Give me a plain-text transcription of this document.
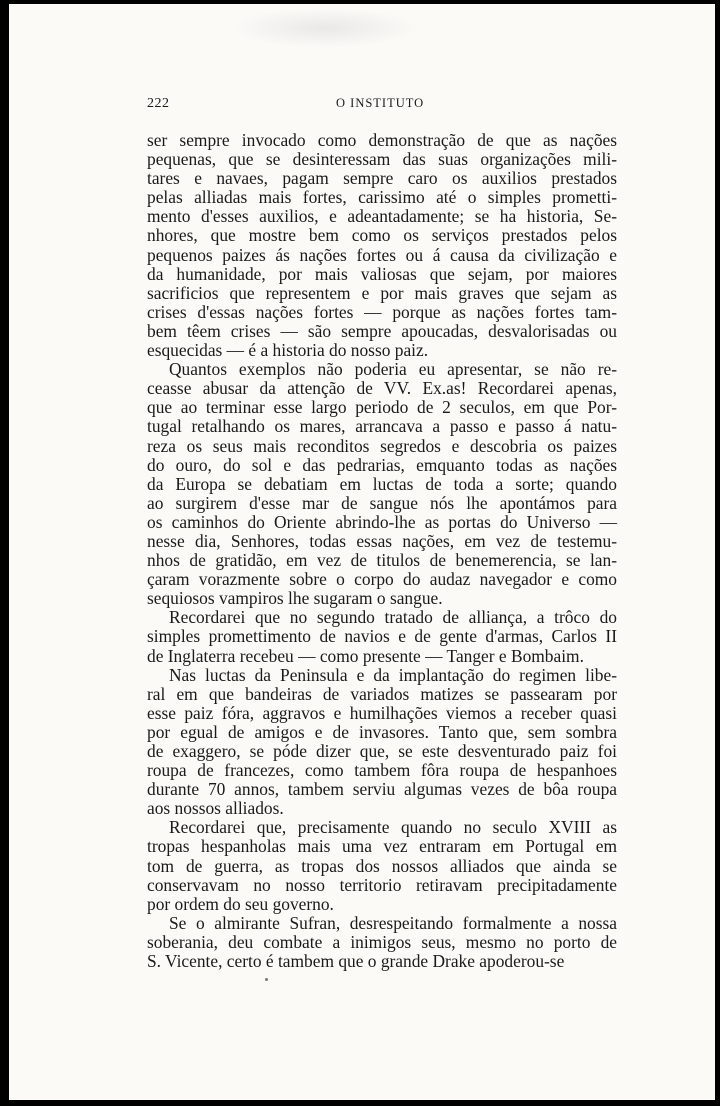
222	O INSTITUTO

ser sempre invocado como demonstração de que as nações
pequenas, que se desinteressam das suas organizações mili-
tares e navaes, pagam sempre caro os auxilios prestados
pelas alliadas mais fortes, carissimo até o simples prometti-
mento d'esses auxilios, e adeantadamente; se ha historia, Se-
nhores, que mostre bem como os serviços prestados pelos
pequenos paizes ás nações fortes ou á causa da civilização e
da humanidade, por mais valiosas que sejam, por maiores
sacrificios que representem e por mais graves que sejam as
crises d'essas nações fortes — porque as nações fortes tam-
bem têem crises — são sempre apoucadas, desvalorisadas ou
esquecidas — é a historia do nosso paiz.

Quantos exemplos não poderia eu apresentar, se não re-
ceasse abusar da attenção de VV. Ex.as! Recordarei apenas,
que ao terminar esse largo periodo de 2 seculos, em que Por-
tugal retalhando os mares, arrancava a passo e passo á natu-
reza os seus mais reconditos segredos e descobria os paizes
do ouro, do sol e das pedrarias, emquanto todas as nações
da Europa se debatiam em luctas de toda a sorte; quando
ao surgirem d'esse mar de sangue nós lhe apontámos para
os caminhos do Oriente abrindo-lhe as portas do Universo —
nesse dia, Senhores, todas essas nações, em vez de testemu-
nhos de gratidão, em vez de titulos de benemerencia, se lan-
çaram vorazmente sobre o corpo do audaz navegador e como
sequiosos vampiros lhe sugaram o sangue.

Recordarei que no segundo tratado de alliança, a trôco do
simples promettimento de navios e de gente d'armas, Carlos II
de Inglaterra recebeu — como presente — Tanger e Bombaim.

Nas luctas da Peninsula e da implantação do regimen libe-
ral em que bandeiras de variados matizes se passearam por
esse paiz fóra, aggravos e humilhações viemos a receber quasi
por egual de amigos e de invasores. Tanto que, sem sombra
de exaggero, se póde dizer que, se este desventurado paiz foi
roupa de francezes, como tambem fôra roupa de hespanhoes
durante 70 annos, tambem serviu algumas vezes de bôa roupa
aos nossos alliados.

Recordarei que, precisamente quando no seculo XVIII as
tropas hespanholas mais uma vez entraram em Portugal em
tom de guerra, as tropas dos nossos alliados que ainda se
conservavam no nosso territorio retiravam precipitadamente
por ordem do seu governo.

Se o almirante Sufran, desrespeitando formalmente a nossa
soberania, deu combate a inimigos seus, mesmo no porto de
S. Vicente, certo é tambem que o grande Drake apoderou-se
